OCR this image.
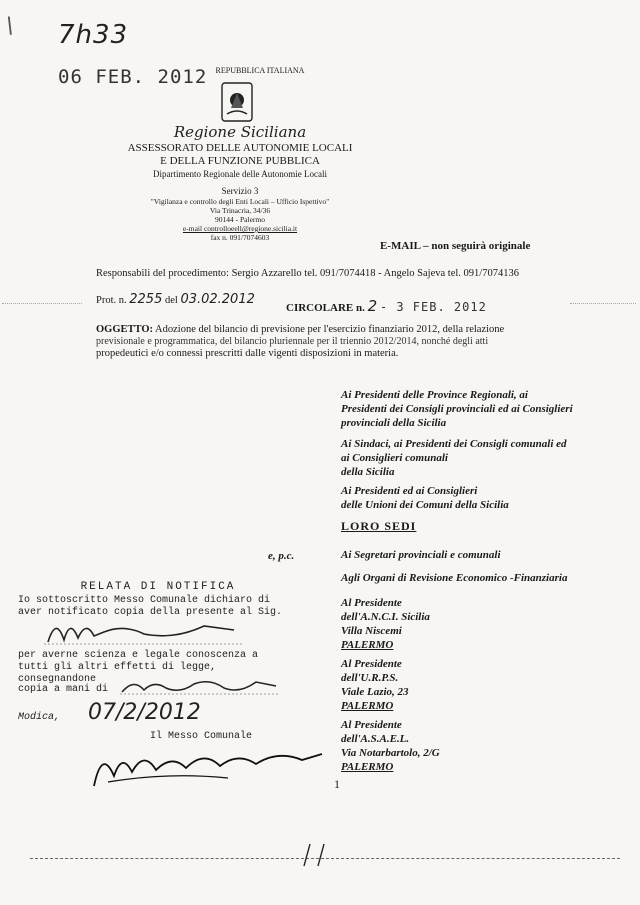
\ 7h33
06 FEB. 2012	REPUBBLICA ITALIANA
Regione Siciliana
ASSESSORATO DELLE AUTONOMIE LOCALI
E DELLA FUNZIONE PUBBLICA
Dipartimento Regionale delle Autonomie Locali
Servizio 3
"Vigilanza e controllo degli Enti Locali – Ufficio Ispettivo"
Via Trinacria, 34/36
90144 - Palermo
e-mail controlloeell@regione.sicilia.it
fax n. 091/7074603
E-MAIL – non seguirà originale
Responsabili del procedimento: Sergio Azzarello tel. 091/7074418 - Angelo Sajeva tel. 091/7074136
Prot. n. 2255 del 03.02.2012
CIRCOLARE n. 2 - 3 FEB. 2012
OGGETTO: Adozione del bilancio di previsione per l'esercizio finanziario 2012, della relazione
previsionale e programmatica, del bilancio pluriennale per il triennio 2012/2014, nonché degli atti
propedeutici e/o connessi prescritti dalle vigenti disposizioni in materia.
Ai Presidenti delle Province Regionali, ai
Presidenti dei Consigli provinciali ed ai Consiglieri
provinciali della Sicilia
Ai Sindaci, ai Presidenti dei Consigli comunali ed
ai Consiglieri comunali
della Sicilia
Ai Presidenti ed ai Consiglieri
delle Unioni dei Comuni della Sicilia
LORO SEDI
e, p.c.	Ai Segretari provinciali e comunali
Agli Organi di Revisione Economico -Finanziaria
Al Presidente
dell'A.N.C.I. Sicilia
Villa Niscemi
PALERMO
Al Presidente
dell'U.R.P.S.
Viale Lazio, 23
PALERMO
Al Presidente
dell'A.S.A.E.L.
Via Notarbartolo, 2/G
PALERMO
RELATA DI NOTIFICA
Io sottoscritto Messo Comunale dichiaro di
aver notificato copia della presente al Sig.
per averne scienza e legale conoscenza a
tutti gli altri effetti di legge, consegnandone
copia a mani di
Modica, 07/2/2012
Il Messo Comunale
1
